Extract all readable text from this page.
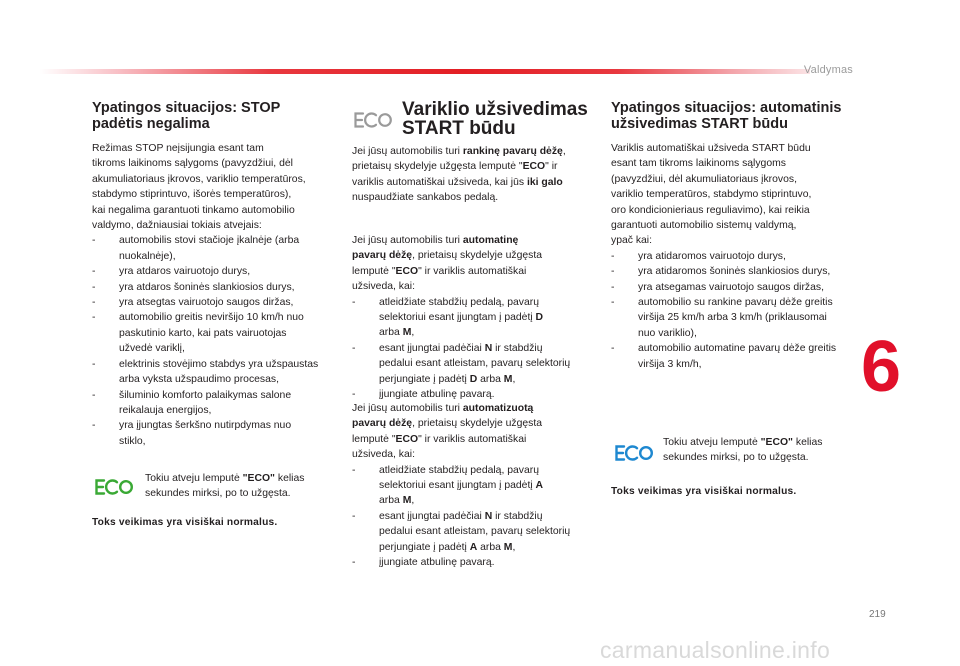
Valdymas
Ypatingos situacijos: STOP
padėtis negalima
Režimas STOP neįsijungia esant tam
tikroms laikinoms sąlygoms (pavyzdžiui, dėl
akumuliatoriaus įkrovos, variklio temperatūros,
stabdymo stiprintuvo, išorės temperatūros),
kai negalima garantuoti tinkamo automobilio
valdymo, dažniausiai tokiais atvejais:
- automobilis stovi stačioje įkalnėje (arba
nuokalnėje),
- yra atdaros vairuotojo durys,
- yra atdaros šoninės slankiosios durys,
- yra atsegtas vairuotojo saugos diržas,
- automobilio greitis neviršijo 10 km/h nuo
paskutinio karto, kai pats vairuotojas
užvedė variklį,
- elektrinis stovėjimo stabdys yra užspaustas
arba vyksta užspaudimo procesas,
- šiluminio komforto palaikymas salone
reikalauja energijos,
- yra įjungtas šerkšno nutirpdymas nuo
stiklo,
Tokiu atveju lemputė "ECO" kelias
sekundes mirksi, po to užgęsta.
Toks veikimas yra visiškai normalus.
Variklio užsivedimas
START būdu
Jei jūsų automobilis turi rankinę pavarų dėžę,
prietaisų skydelyje užgęsta lemputė "ECO" ir
variklis automatiškai užsiveda, kai jūs iki galo
nuspaudžiate sankabos pedalą.
Jei jūsų automobilis turi automatinę
pavarų dėžę, prietaisų skydelyje užgęsta
lemputė "ECO" ir variklis automatiškai
užsiveda, kai:
- atleidžiate stabdžių pedalą, pavarų
selektoriui esant įjungtam į padėtį D
arba M,
- esant įjungtai padėčiai N ir stabdžių
pedalui esant atleistam, pavarų selektorių
perjungiate į padėtį D arba M,
- įjungiate atbulinę pavarą.
Jei jūsų automobilis turi automatizuotą
pavarų dėžę, prietaisų skydelyje užgęsta
lemputė "ECO" ir variklis automatiškai
užsiveda, kai:
- atleidžiate stabdžių pedalą, pavarų
selektoriui esant įjungtam į padėtį A
arba M,
- esant įjungtai padėčiai N ir stabdžių
pedalui esant atleistam, pavarų selektorių
perjungiate į padėtį A arba M,
- įjungiate atbulinę pavarą.
Ypatingos situacijos: automatinis
užsivedimas START būdu
Variklis automatiškai užsiveda START būdu
esant tam tikroms laikinoms sąlygoms
(pavyzdžiui, dėl akumuliatoriaus įkrovos,
variklio temperatūros, stabdymo stiprintuvo,
oro kondicionieriaus reguliavimo), kai reikia
garantuoti automobilio sistemų valdymą,
ypač kai:
- yra atidaromos vairuotojo durys,
- yra atidaromos šoninės slankiosios durys,
- yra atsegamas vairuotojo saugos diržas,
- automobilio su rankine pavarų dėže greitis
viršija 25 km/h arba 3 km/h (priklausomai
nuo variklio),
- automobilio automatine pavarų dėže greitis
viršija 3 km/h,
Tokiu atveju lemputė "ECO" kelias
sekundes mirksi, po to užgęsta.
Toks veikimas yra visiškai normalus.
6
219
carmanualsonline.info
